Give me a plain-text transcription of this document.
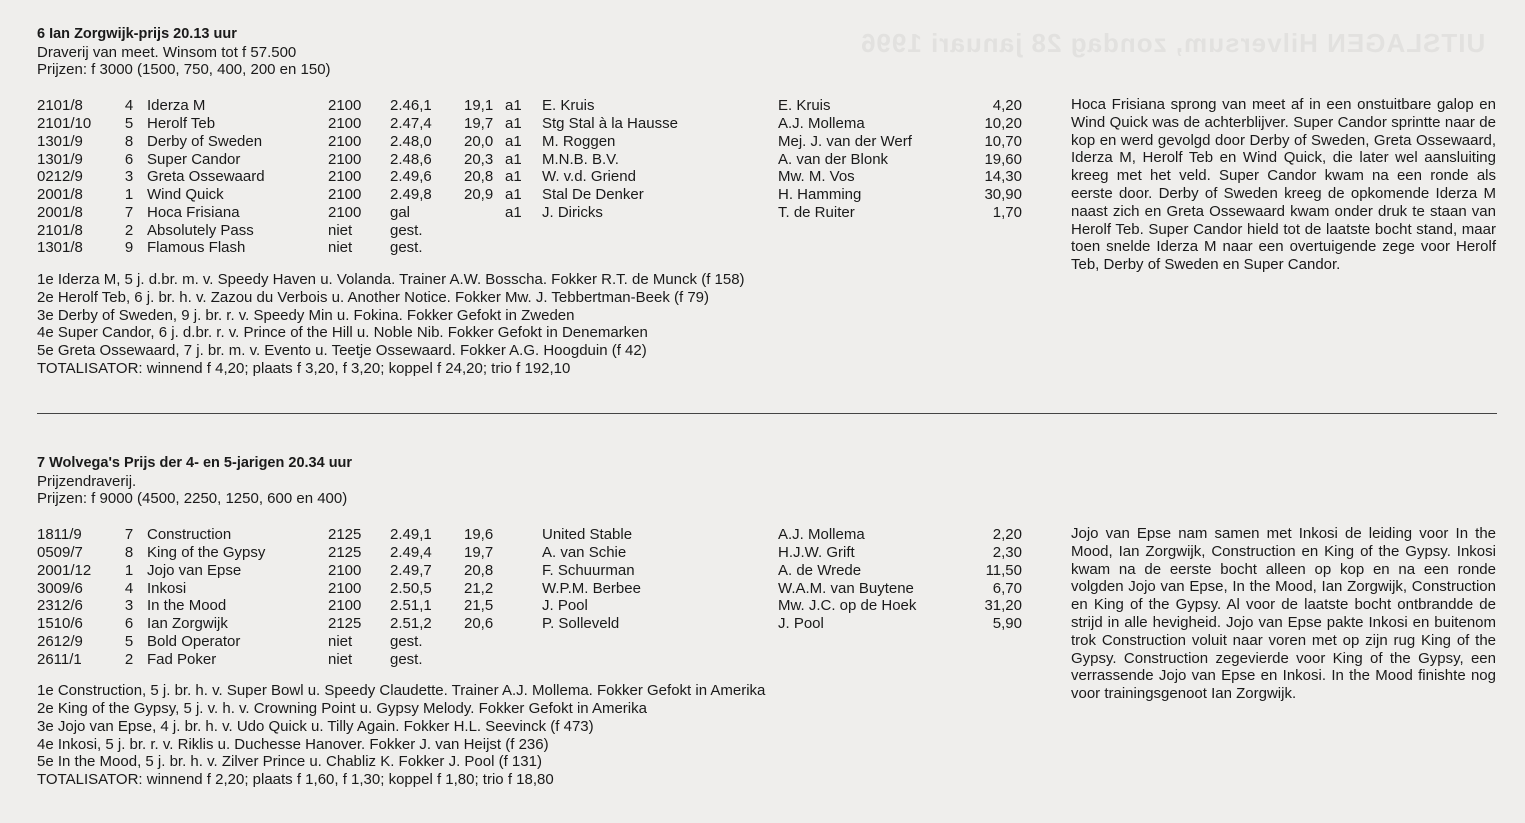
UITSLAGEN Hilversum, zondag 28 januari 1996
6 Ian Zorgwijk-prijs 20.13 uur
Draverij van meet. Winsom tot f 57.500
Prijzen: f 3000 (1500, 750, 400, 200 en 150)
2101/8	4 Iderza M	2100 2.46,1 19,1 a1 E. Kruis	E. Kruis	4,20
2101/10 5 Herolf Teb	2100 2.47,4 19,7 a1 Stg Stal à la Hausse	A.J. Mollema	10,20
1301/9	8 Derby of Sweden	2100 2.48,0 20,0 a1 M. Roggen	Mej. J. van der Werf	10,70
1301/9	6 Super Candor	2100 2.48,6 20,3 a1 M.N.B. B.V.	A. van der Blonk	19,60
0212/9	3 Greta Ossewaard	2100 2.49,6 20,8 a1 W. v.d. Griend	Mw. M. Vos	14,30
2001/8	1 Wind Quick	2100 2.49,8 20,9 a1 Stal De Denker	H. Hamming	30,90
2001/8	7 Hoca Frisiana	2100 gal	a1 J. Diricks	T. de Ruiter	1,70
2101/8	2 Absolutely Pass	niet	gest.
1301/8	9 Flamous Flash	niet	gest.
1e Iderza M, 5 j. d.br. m. v. Speedy Haven u. Volanda. Trainer A.W. Bosscha. Fokker R.T. de Munck (f 158)
2e Herolf Teb, 6 j. br. h. v. Zazou du Verbois u. Another Notice. Fokker Mw. J. Tebbertman-Beek (f 79)
3e Derby of Sweden, 9 j. br. r. v. Speedy Min u. Fokina. Fokker Gefokt in Zweden
4e Super Candor, 6 j. d.br. r. v. Prince of the Hill u. Noble Nib. Fokker Gefokt in Denemarken
5e Greta Ossewaard, 7 j. br. m. v. Evento u. Teetje Ossewaard. Fokker A.G. Hoogduin (f 42)
TOTALISATOR: winnend f 4,20; plaats f 3,20, f 3,20; koppel f 24,20; trio f 192,10
Hoca Frisiana sprong van meet af in een onstuitbare galop en Wind Quick was de achterblijver. Super Candor sprintte naar de kop en werd gevolgd door Derby of Sweden, Greta Ossewaard, Iderza M, Herolf Teb en Wind Quick, die later wel aansluiting kreeg met het veld. Super Candor kwam na een ronde als eerste door. Derby of Sweden kreeg de opkomende Iderza M naast zich en Greta Ossewaard kwam onder druk te staan van Herolf Teb. Super Candor hield tot de laatste bocht stand, maar toen snelde Iderza M naar een overtuigende zege voor Herolf Teb, Derby of Sweden en Super Candor.
7 Wolvega's Prijs der 4- en 5-jarigen 20.34 uur
Prijzendraverij.
Prijzen: f 9000 (4500, 2250, 1250, 600 en 400)
1811/9	7 Construction	2125 2.49,1 19,6	United Stable	A.J. Mollema	2,20
0509/7	8 King of the Gypsy	2125 2.49,4 19,7	A. van Schie	H.J.W. Grift	2,30
2001/12 1 Jojo van Epse	2100 2.49,7 20,8	F. Schuurman	A. de Wrede	11,50
3009/6	4 Inkosi	2100 2.50,5 21,2	W.P.M. Berbee	W.A.M. van Buytene	6,70
2312/6	3 In the Mood	2100 2.51,1 21,5	J. Pool	Mw. J.C. op de Hoek	31,20
1510/6	6 Ian Zorgwijk	2125 2.51,2 20,6	P. Solleveld	J. Pool	5,90
2612/9	5 Bold Operator	niet	gest.
2611/1	2 Fad Poker	niet	gest.
1e Construction, 5 j. br. h. v. Super Bowl u. Speedy Claudette. Trainer A.J. Mollema. Fokker Gefokt in Amerika
2e King of the Gypsy, 5 j. v. h. v. Crowning Point u. Gypsy Melody. Fokker Gefokt in Amerika
3e Jojo van Epse, 4 j. br. h. v. Udo Quick u. Tilly Again. Fokker H.L. Seevinck (f 473)
4e Inkosi, 5 j. br. r. v. Riklis u. Duchesse Hanover. Fokker J. van Heijst (f 236)
5e In the Mood, 5 j. br. h. v. Zilver Prince u. Chabliz K. Fokker J. Pool (f 131)
TOTALISATOR: winnend f 2,20; plaats f 1,60, f 1,30; koppel f 1,80; trio f 18,80
Jojo van Epse nam samen met Inkosi de leiding voor In the Mood, Ian Zorgwijk, Construction en King of the Gypsy. Inkosi kwam na de eerste bocht alleen op kop en na een ronde volgden Jojo van Epse, In the Mood, Ian Zorgwijk, Construction en King of the Gypsy. Al voor de laatste bocht ontbrandde de strijd in alle hevigheid. Jojo van Epse pakte Inkosi en buitenom trok Construction voluit naar voren met op zijn rug King of the Gypsy. Construction zegevierde voor King of the Gypsy, een verrassende Jojo van Epse en Inkosi. In the Mood finishte nog voor trainingsgenoot Ian Zorgwijk.
